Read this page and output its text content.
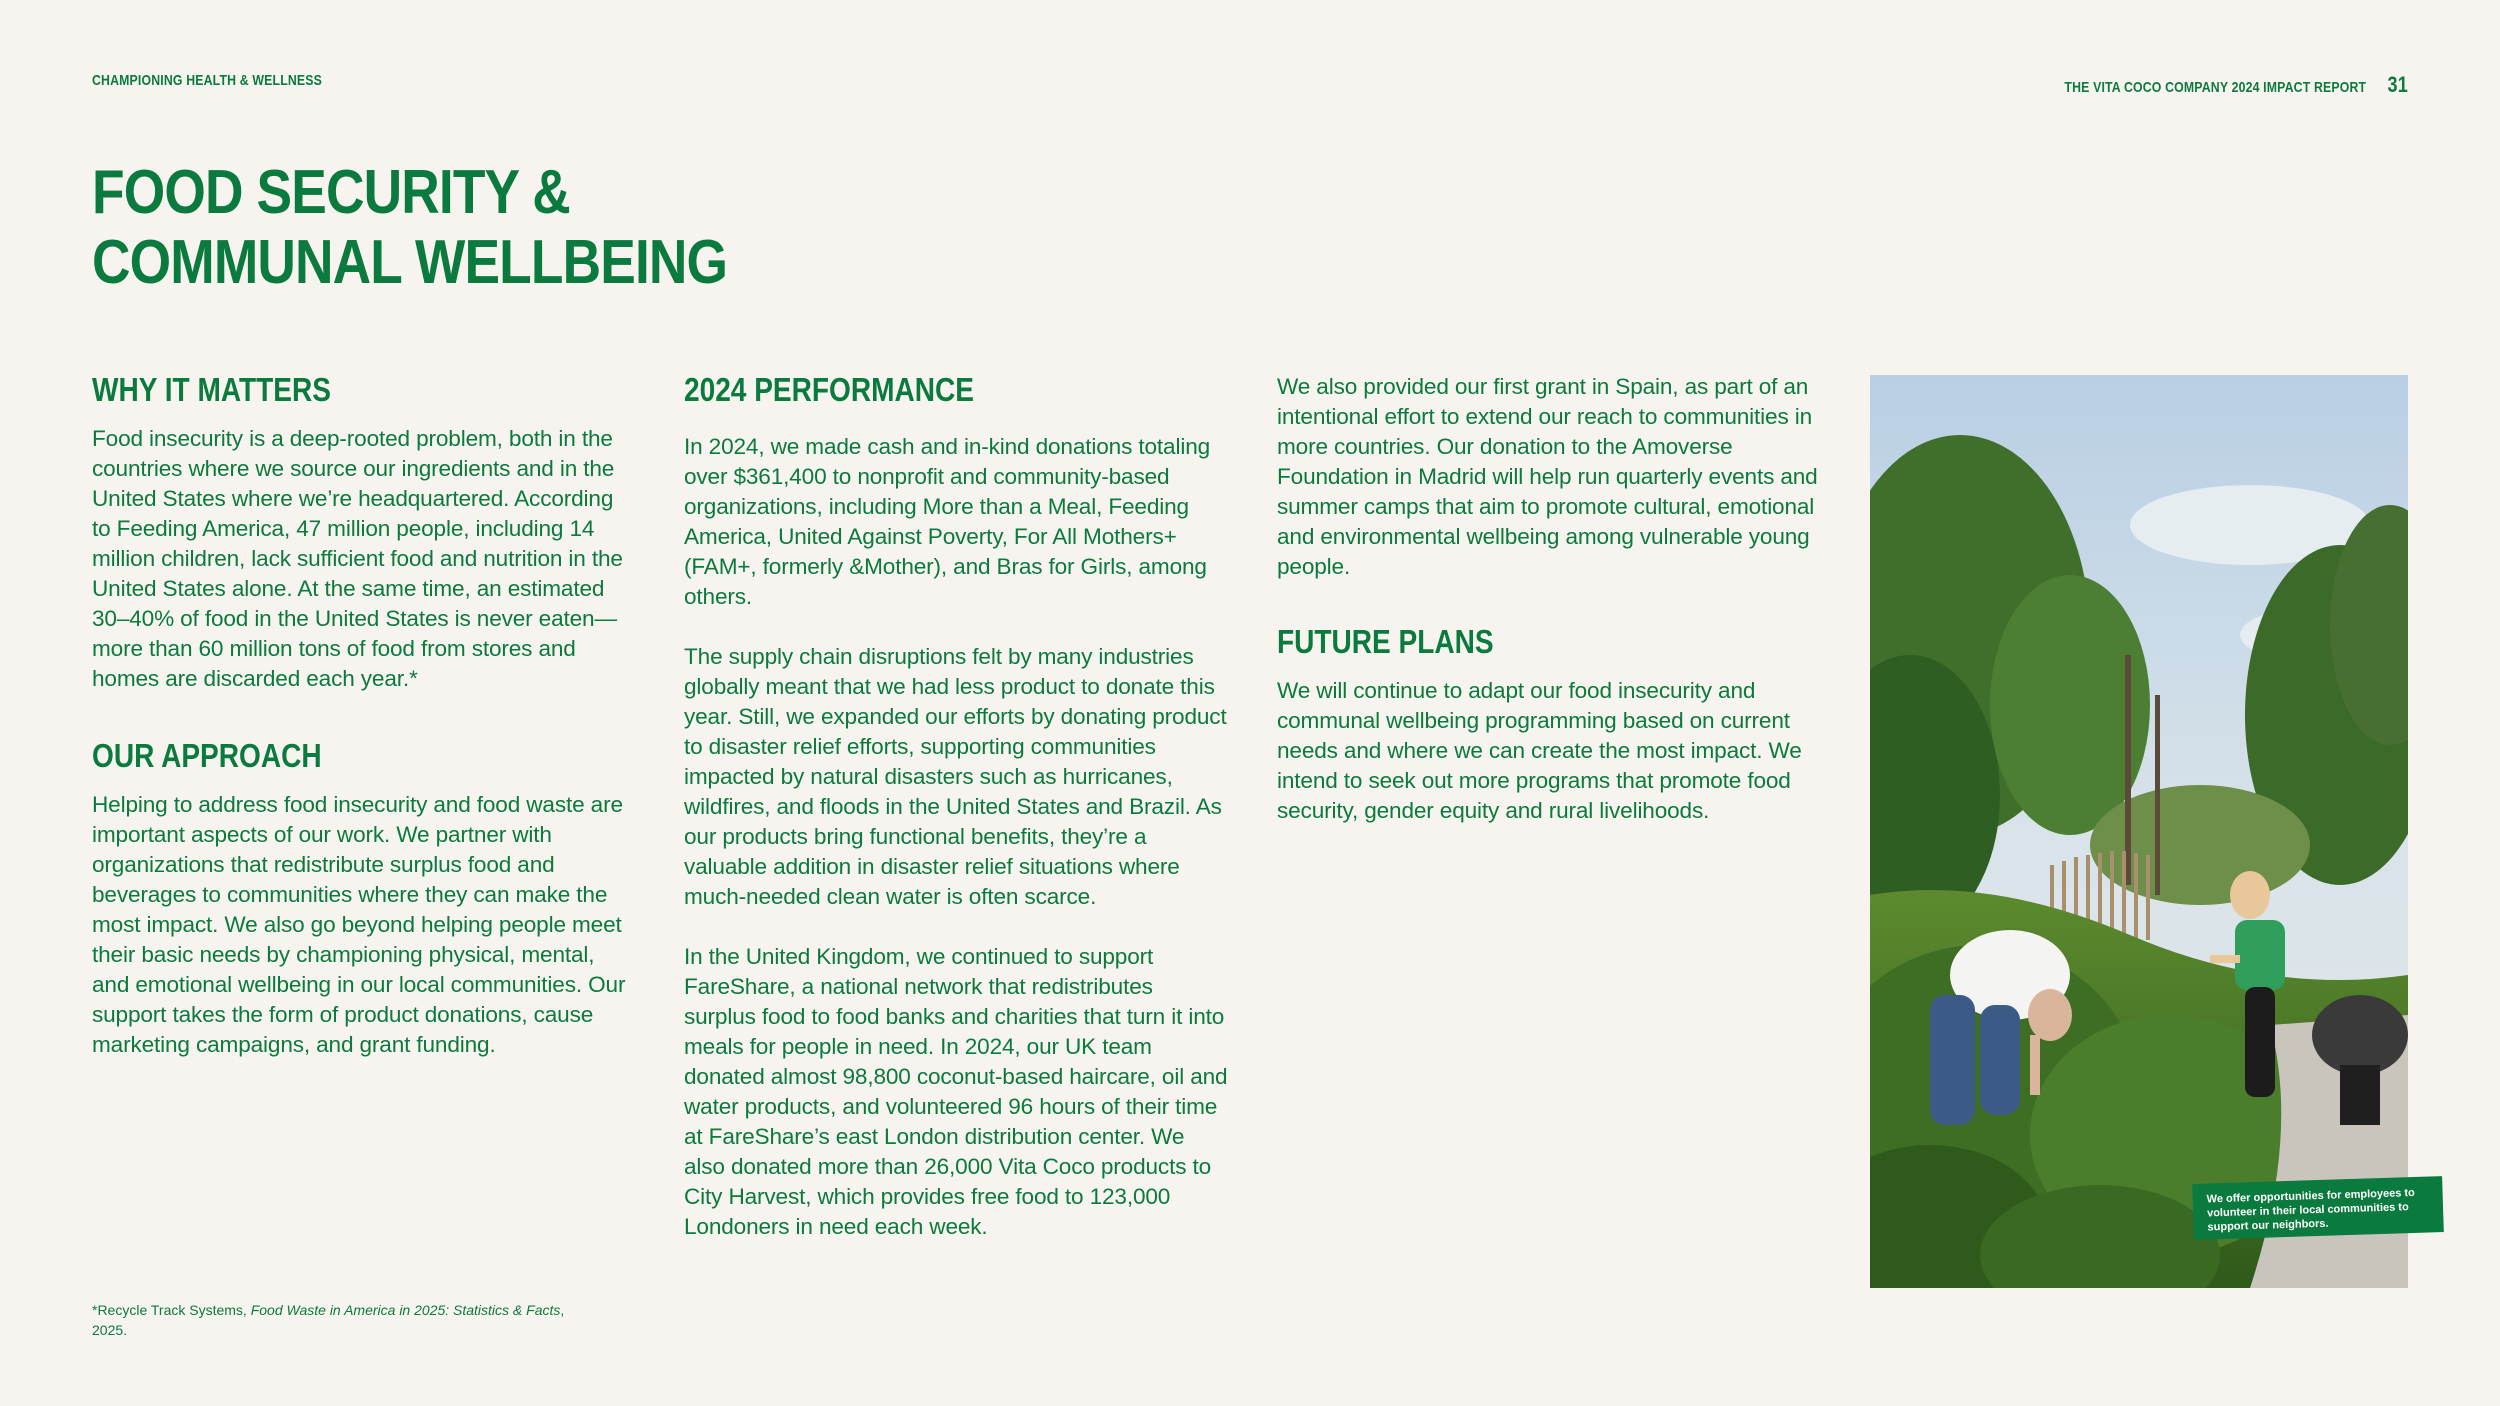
CHAMPIONING HEALTH & WELLNESS	THE VITA COCO COMPANY 2024 IMPACT REPORT 31
FOOD SECURITY &
COMMUNAL WELLBEING
WHY IT MATTERS

Food insecurity is a deep-rooted problem, both in the countries where we source our ingredients and in the United States where we’re headquartered. According to Feeding America, 47 million people, including 14 million children, lack sufficient food and nutrition in the United States alone. At the same time, an estimated 30–40% of food in the United States is never eaten—more than 60 million tons of food from stores and homes are discarded each year.*

OUR APPROACH

Helping to address food insecurity and food waste are important aspects of our work. We partner with organizations that redistribute surplus food and beverages to communities where they can make the most impact. We also go beyond helping people meet their basic needs by championing physical, mental, and emotional wellbeing in our local communities. Our support takes the form of product donations, cause marketing campaigns, and grant funding.

2024 PERFORMANCE

In 2024, we made cash and in-kind donations totaling over $361,400 to nonprofit and community-based organizations, including More than a Meal, Feeding America, United Against Poverty, For All Mothers+ (FAM+, formerly &Mother), and Bras for Girls, among others.

The supply chain disruptions felt by many industries globally meant that we had less product to donate this year. Still, we expanded our efforts by donating product to disaster relief efforts, supporting communities impacted by natural disasters such as hurricanes, wildfires, and floods in the United States and Brazil. As our products bring functional benefits, they’re a valuable addition in disaster relief situations where much-needed clean water is often scarce.

In the United Kingdom, we continued to support FareShare, a national network that redistributes surplus food to food banks and charities that turn it into meals for people in need. In 2024, our UK team donated almost 98,800 coconut-based haircare, oil and water products, and volunteered 96 hours of their time at FareShare’s east London distribution center. We also donated more than 26,000 Vita Coco products to City Harvest, which provides free food to 123,000 Londoners in need each week.

We also provided our first grant in Spain, as part of an intentional effort to extend our reach to communities in more countries. Our donation to the Amoverse Foundation in Madrid will help run quarterly events and summer camps that aim to promote cultural, emotional and environmental wellbeing among vulnerable young people.

FUTURE PLANS

We will continue to adapt our food insecurity and communal wellbeing programming based on current needs and where we can create the most impact. We intend to seek out more programs that promote food security, gender equity and rural livelihoods.

*Recycle Track Systems, Food Waste in America in 2025: Statistics & Facts, 2025.
We offer opportunities for employees to volunteer in their local communities to support our neighbors.
